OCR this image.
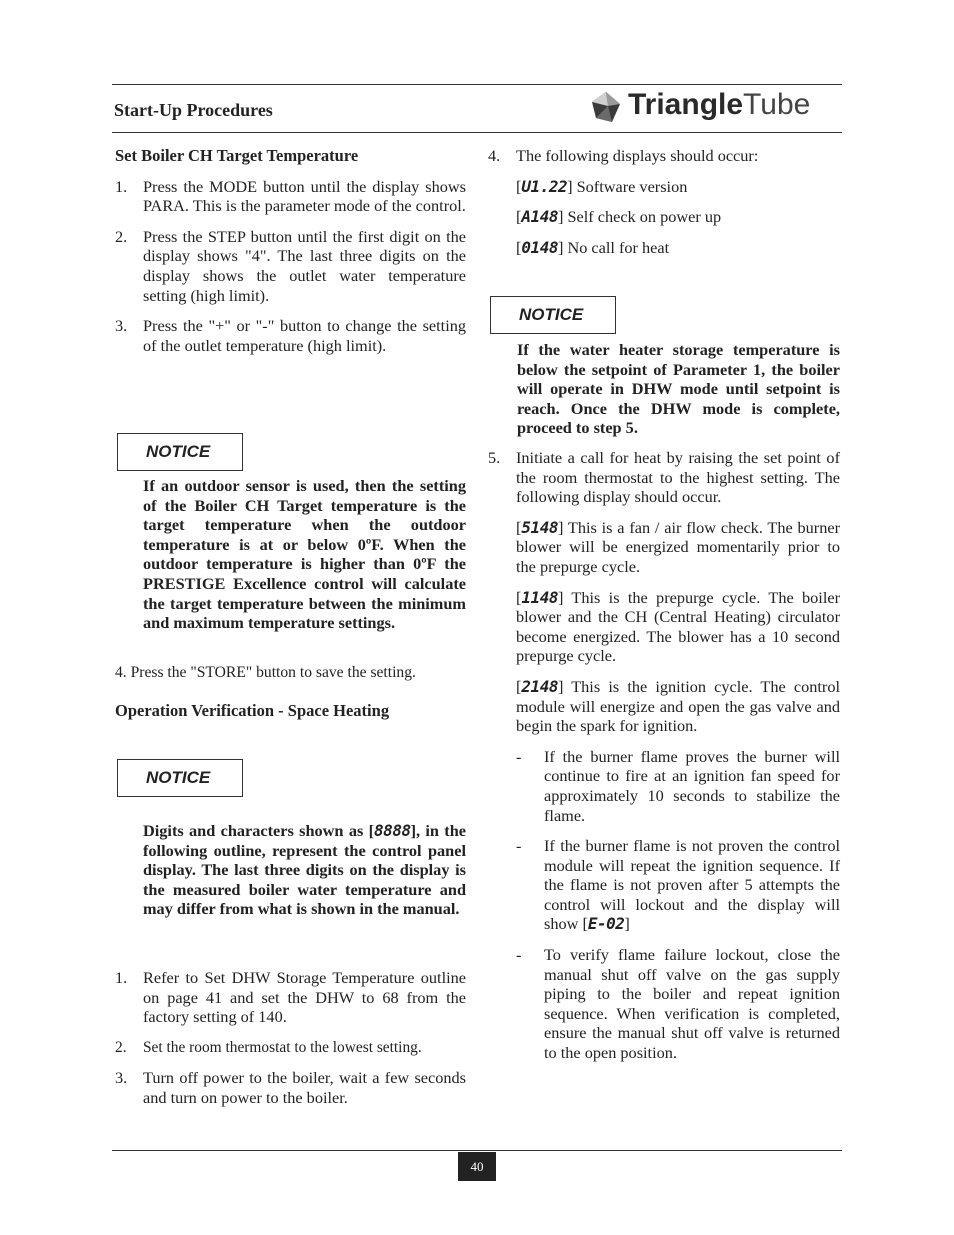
Start-Up Procedures	TriangleTube

Set Boiler CH Target Temperature

1. Press the MODE button until the display shows PARA. This is the parameter mode of the control.

2. Press the STEP button until the first digit on the display shows "4". The last three digits on the display shows the outlet water temperature setting (high limit).

3. Press the "+" or "-" button to change the setting of the outlet temperature (high limit).

NOTICE
If an outdoor sensor is used, then the setting of the Boiler CH Target temperature is the target temperature when the outdoor temperature is at or below 0ºF. When the outdoor temperature is higher than 0ºF the PRESTIGE Excellence control will calculate the target temperature between the minimum and maximum temperature settings.
4. Press the "STORE" button to save the setting.

Operation Verification - Space Heating

NOTICE
Digits and characters shown as [8888], in the following outline, represent the control panel display. The last three digits on the display is the measured boiler water temperature and may differ from what is shown in the manual.

1. Refer to Set DHW Storage Temperature outline on page 41 and set the DHW to 68 from the factory setting of 140.

2. Set the room thermostat to the lowest setting.

3. Turn off power to the boiler, wait a few seconds and turn on power to the boiler.

4. The following displays should occur:

[U1.22] Software version

[A148] Self check on power up

[0148] No call for heat

NOTICE
If the water heater storage temperature is below the setpoint of Parameter 1, the boiler will operate in DHW mode until setpoint is reach. Once the DHW mode is complete, proceed to step 5.

5. Initiate a call for heat by raising the set point of the room thermostat to the highest setting. The following display should occur.

[5148] This is a fan / air flow check. The burner blower will be energized momentarily prior to the prepurge cycle.

[1148] This is the prepurge cycle. The boiler blower and the CH (Central Heating) circulator become energized. The blower has a 10 second prepurge cycle.

[2148] This is the ignition cycle. The control module will energize and open the gas valve and begin the spark for ignition.

- If the burner flame proves the burner will continue to fire at an ignition fan speed for approximately 10 seconds to stabilize the flame.

- If the burner flame is not proven the control module will repeat the ignition sequence. If the flame is not proven after 5 attempts the control will lockout and the display will show [E-02]

- To verify flame failure lockout, close the manual shut off valve on the gas supply piping to the boiler and repeat ignition sequence. When verification is completed, ensure the manual shut off valve is returned to the open position.

40
